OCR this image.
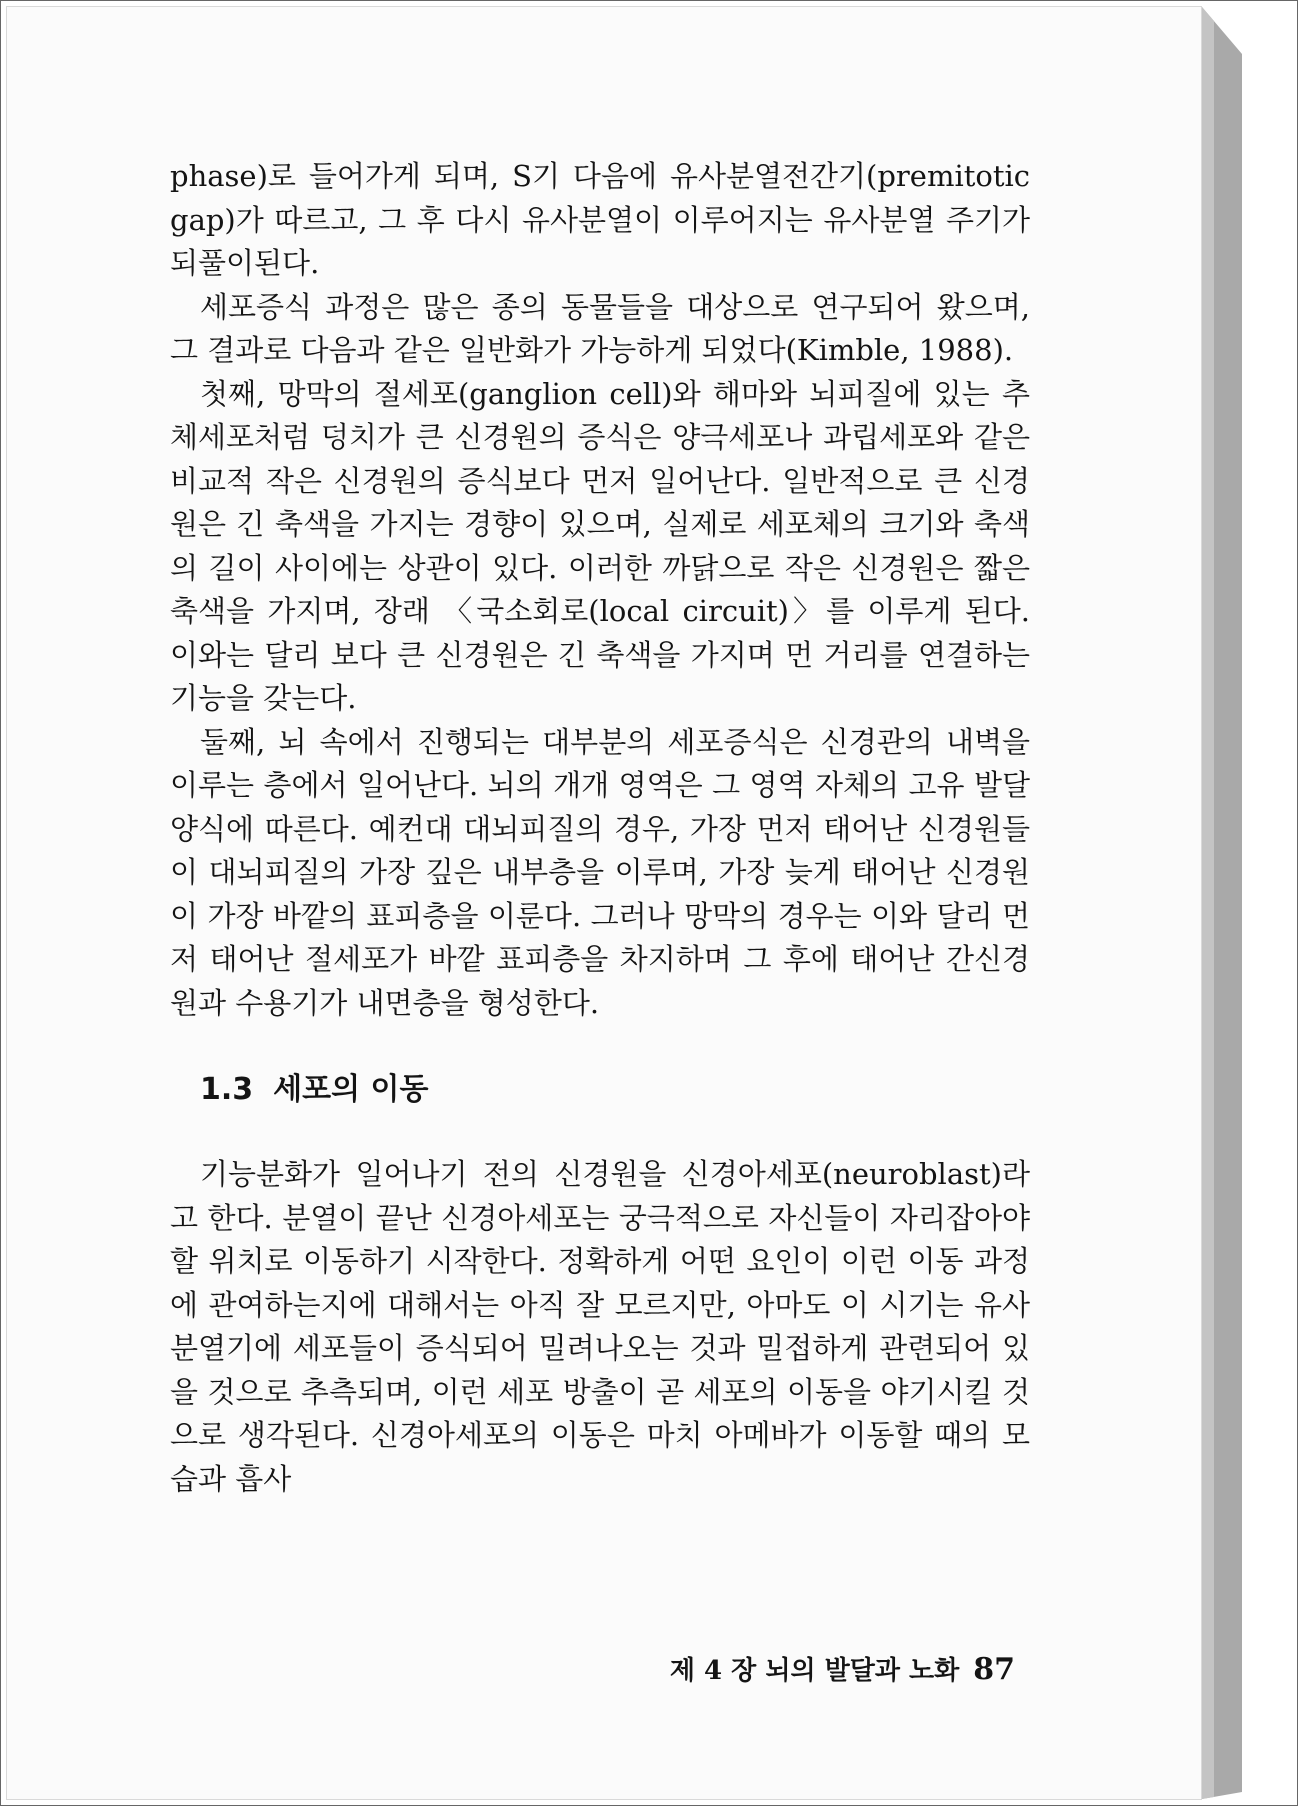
phase)로 들어가게 되며, S기 다음에 유사분열전간기(premitotic gap)가 따르고, 그 후 다시 유사분열이 이루어지는 유사분열 주기가 되풀이된다.

세포증식 과정은 많은 종의 동물들을 대상으로 연구되어 왔으며, 그 결과로 다음과 같은 일반화가 가능하게 되었다(Kimble, 1988).

첫째, 망막의 절세포(ganglion cell)와 해마와 뇌피질에 있는 추체세포처럼 덩치가 큰 신경원의 증식은 양극세포나 과립세포와 같은 비교적 작은 신경원의 증식보다 먼저 일어난다. 일반적으로 큰 신경원은 긴 축색을 가지는 경향이 있으며, 실제로 세포체의 크기와 축색의 길이 사이에는 상관이 있다. 이러한 까닭으로 작은 신경원은 짧은 축색을 가지며, 장래 〈국소회로(local circuit)〉를 이루게 된다. 이와는 달리 보다 큰 신경원은 긴 축색을 가지며 먼 거리를 연결하는 기능을 갖는다.

둘째, 뇌 속에서 진행되는 대부분의 세포증식은 신경관의 내벽을 이루는 층에서 일어난다. 뇌의 개개 영역은 그 영역 자체의 고유 발달양식에 따른다. 예컨대 대뇌피질의 경우, 가장 먼저 태어난 신경원들이 대뇌피질의 가장 깊은 내부층을 이루며, 가장 늦게 태어난 신경원이 가장 바깥의 표피층을 이룬다. 그러나 망막의 경우는 이와 달리 먼저 태어난 절세포가 바깥 표피층을 차지하며 그 후에 태어난 간신경원과 수용기가 내면층을 형성한다.

1.3 세포의 이동

기능분화가 일어나기 전의 신경원을 신경아세포(neuroblast)라고 한다. 분열이 끝난 신경아세포는 궁극적으로 자신들이 자리잡아야 할 위치로 이동하기 시작한다. 정확하게 어떤 요인이 이런 이동 과정에 관여하는지에 대해서는 아직 잘 모르지만, 아마도 이 시기는 유사분열기에 세포들이 증식되어 밀려나오는 것과 밀접하게 관련되어 있을 것으로 추측되며, 이런 세포 방출이 곧 세포의 이동을 야기시킬 것으로 생각된다. 신경아세포의 이동은 마치 아메바가 이동할 때의 모습과 흡사

제 4 장 뇌의 발달과 노화 87
